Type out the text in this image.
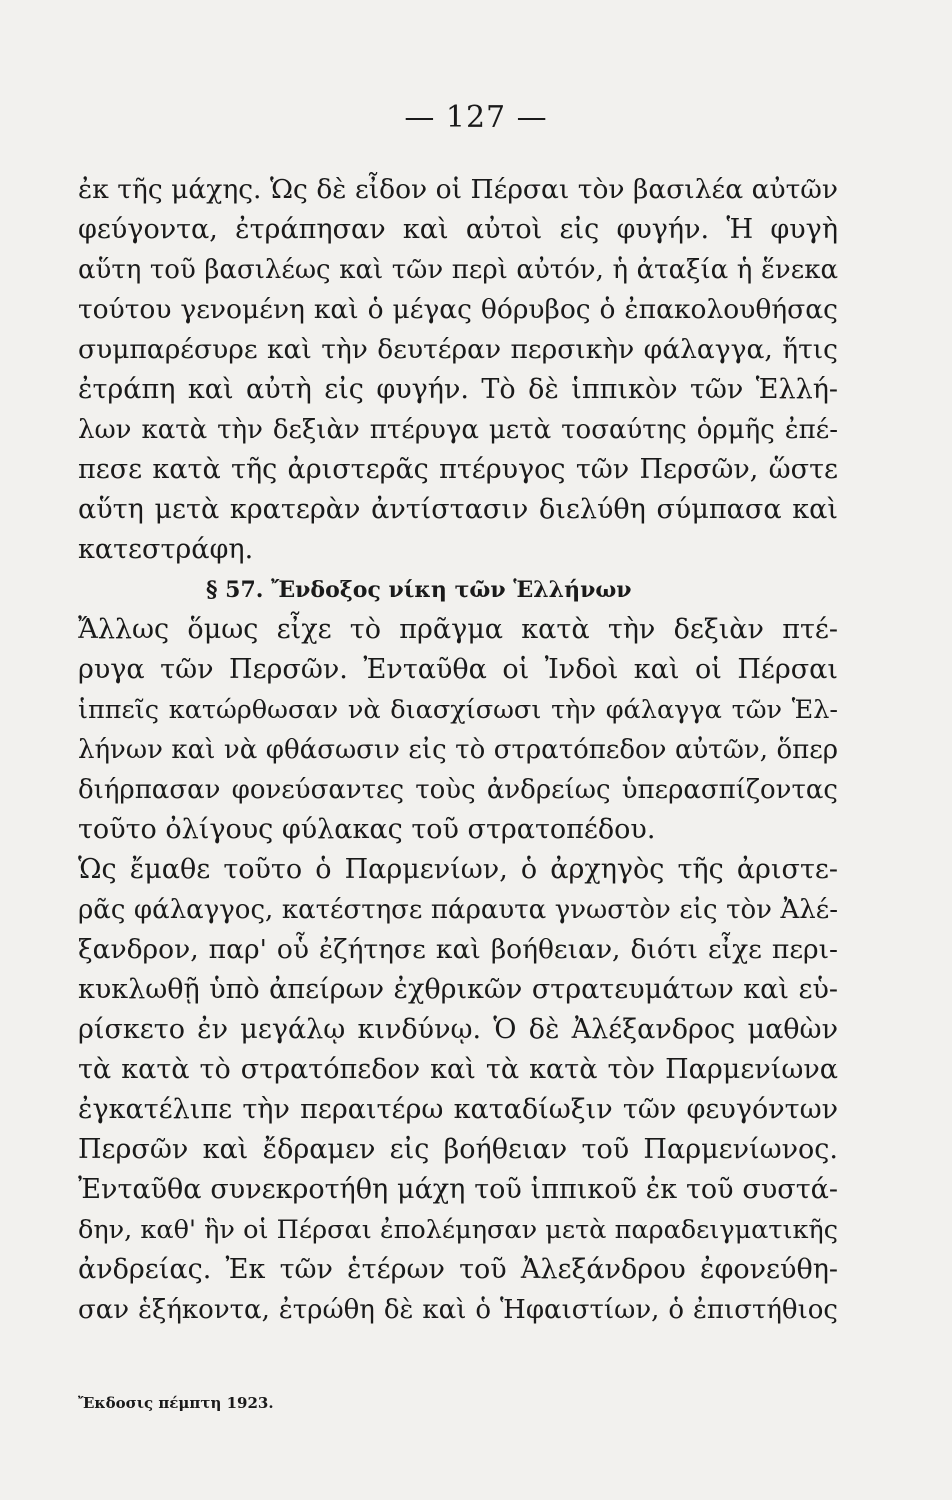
— 127 —
ἐκ τῆς μάχης. Ὡς δὲ εἶδον οἱ Πέρσαι τὸν βασιλέα αὐτῶν
φεύγοντα, ἐτράπησαν καὶ αὐτοὶ εἰς φυγήν. Ἡ φυγὴ
αὕτη τοῦ βασιλέως καὶ τῶν περὶ αὐτόν, ἡ ἀταξία ἡ ἕνεκα
τούτου γενομένη καὶ ὁ μέγας θόρυβος ὁ ἐπακολουθήσας
συμπαρέσυρε καὶ τὴν δευτέραν περσικὴν φάλαγγα, ἥτις
ἐτράπη καὶ αὐτὴ εἰς φυγήν. Τὸ δὲ ἱππικὸν τῶν Ἑλλή-
λων κατὰ τὴν δεξιὰν πτέρυγα μετὰ τοσαύτης ὁρμῆς ἐπέ-
πεσε κατὰ τῆς ἀριστερᾶς πτέρυγος τῶν Περσῶν, ὥστε
αὕτη μετὰ κρατερὰν ἀντίστασιν διελύθη σύμπασα καὶ
κατεστράφη.
§ 57. Ἔνδοξος νίκη τῶν Ἑλλήνων
Ἄλλως ὅμως εἶχε τὸ πρᾶγμα κατὰ τὴν δεξιὰν πτέ-
ρυγα τῶν Περσῶν. Ἐνταῦθα οἱ Ἰνδοὶ καὶ οἱ Πέρσαι
ἱππεῖς κατώρθωσαν νὰ διασχίσωσι τὴν φάλαγγα τῶν Ἑλ-
λήνων καὶ νὰ φθάσωσιν εἰς τὸ στρατόπεδον αὐτῶν, ὅπερ
διήρπασαν φονεύσαντες τοὺς ἀνδρείως ὑπερασπίζοντας
τοῦτο ὀλίγους φύλακας τοῦ στρατοπέδου.
Ὡς ἔμαθε τοῦτο ὁ Παρμενίων, ὁ ἀρχηγὸς τῆς ἀριστε-
ρᾶς φάλαγγος, κατέστησε πάραυτα γνωστὸν εἰς τὸν Ἀλέ-
ξανδρον, παρ' οὗ ἐζήτησε καὶ βοήθειαν, διότι εἶχε περι-
κυκλωθῇ ὑπὸ ἀπείρων ἐχθρικῶν στρατευμάτων καὶ εὑ-
ρίσκετο ἐν μεγάλῳ κινδύνῳ. Ὁ δὲ Ἀλέξανδρος μαθὼν
τὰ κατὰ τὸ στρατόπεδον καὶ τὰ κατὰ τὸν Παρμενίωνα
ἐγκατέλιπε τὴν περαιτέρω καταδίωξιν τῶν φευγόντων
Περσῶν καὶ ἔδραμεν εἰς βοήθειαν τοῦ Παρμενίωνος.
Ἐνταῦθα συνεκροτήθη μάχη τοῦ ἱππικοῦ ἐκ τοῦ συστά-
δην, καθ' ἣν οἱ Πέρσαι ἐπολέμησαν μετὰ παραδειγματικῆς
ἀνδρείας. Ἐκ τῶν ἑτέρων τοῦ Ἀλεξάνδρου ἐφονεύθη-
σαν ἑξήκοντα, ἐτρώθη δὲ καὶ ὁ Ἡφαιστίων, ὁ ἐπιστήθιος
Ἔκδοσις πέμπτη 1923.
